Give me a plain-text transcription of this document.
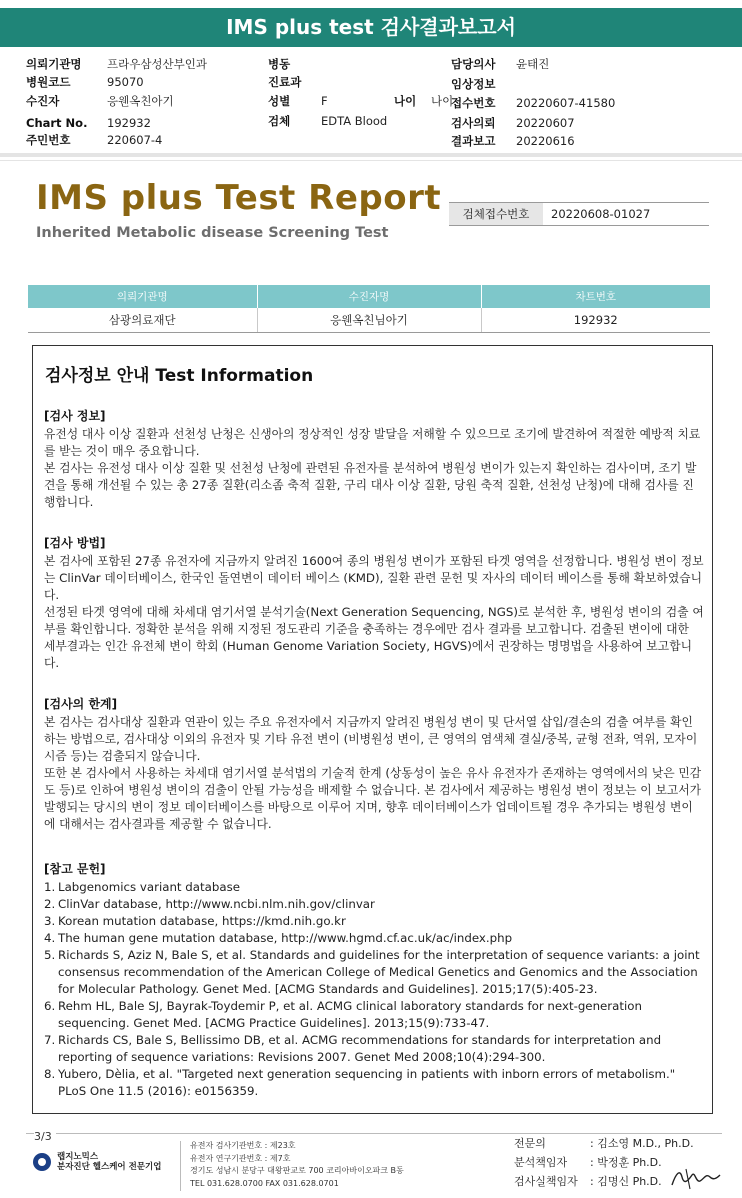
IMS plus test 검사결과보고서
의뢰기관명 프라우삼성산부인과
병원코드	95070
수진자	응웬옥친아기
Chart No. 192932
주민번호	220607-4
병동
진료과
성별	F	나이 나이
검체	EDTA Blood
담당의사 윤태진
임상정보
접수번호 20220607-41580
검사의뢰 20220607
결과보고 20220616
IMS plus Test Report
Inherited Metabolic disease Screening Test
검체접수번호	20220608-01027
의뢰기관명	수진자명	차트번호
삼광의료재단	응웬옥친님아기	192932
검사정보 안내 Test Information
[검사 정보]

유전성 대사 이상 질환과 선천성 난청은 신생아의 정상적인 성장 발달을 저해할 수 있으므로 조기에 발견하여 적절한 예방적 치료를 받는 것이 매우 중요합니다.

본 검사는 유전성 대사 이상 질환 및 선천성 난청에 관련된 유전자를 분석하여 병원성 변이가 있는지 확인하는 검사이며, 조기 발견을 통해 개선될 수 있는 총 27종 질환(리소좀 축적 질환, 구리 대사 이상 질환, 당원 축적 질환, 선천성 난청)에 대해 검사를 진행합니다.

[검사 방법]

본 검사에 포함된 27종 유전자에 지금까지 알려진 1600여 종의 병원성 변이가 포함된 타겟 영역을 선정합니다. 병원성 변이 정보는 ClinVar 데이터베이스, 한국인 돌연변이 데이터 베이스 (KMD), 질환 관련 문헌 및 자사의 데이터 베이스를 통해 확보하였습니다.

선정된 타겟 영역에 대해 차세대 염기서열 분석기술(Next Generation Sequencing, NGS)로 분석한 후, 병원성 변이의 검출 여부를 확인합니다. 정확한 분석을 위해 지정된 정도관리 기준을 충족하는 경우에만 검사 결과를 보고합니다. 검출된 변이에 대한 세부결과는 인간 유전체 변이 학회 (Human Genome Variation Society, HGVS)에서 권장하는 명명법을 사용하여 보고합니다.

[검사의 한계]

본 검사는 검사대상 질환과 연관이 있는 주요 유전자에서 지금까지 알려진 병원성 변이 및 단서열 삽입/결손의 검출 여부를 확인하는 방법으로, 검사대상 이외의 유전자 및 기타 유전 변이 (비병원성 변이, 큰 영역의 염색체 결실/중복, 균형 전좌, 역위, 모자이시즘 등)는 검출되지 않습니다.

또한 본 검사에서 사용하는 차세대 염기서열 분석법의 기술적 한계 (상동성이 높은 유사 유전자가 존재하는 영역에서의 낮은 민감도 등)로 인하여 병원성 변이의 검출이 안될 가능성을 배제할 수 없습니다. 본 검사에서 제공하는 병원성 변이 정보는 이 보고서가 발행되는 당시의 변이 정보 데이터베이스를 바탕으로 이루어 지며, 향후 데이터베이스가 업데이트될 경우 추가되는 병원성 변이에 대해서는 검사결과를 제공할 수 없습니다.

[참고 문헌]
1. Labgenomics variant database
2. ClinVar database, http://www.ncbi.nlm.nih.gov/clinvar
3. Korean mutation database, https://kmd.nih.go.kr
4. The human gene mutation database, http://www.hgmd.cf.ac.uk/ac/index.php
5. Richards S, Aziz N, Bale S, et al. Standards and guidelines for the interpretation of sequence variants: a joint consensus recommendation of the American College of Medical Genetics and Genomics and the Association for Molecular Pathology. Genet Med. [ACMG Standards and Guidelines]. 2015;17(5):405-23.
6. Rehm HL, Bale SJ, Bayrak-Toydemir P, et al. ACMG clinical laboratory standards for next-generation sequencing. Genet Med. [ACMG Practice Guidelines]. 2013;15(9):733-47.
7. Richards CS, Bale S, Bellissimo DB, et al. ACMG recommendations for standards for interpretation and reporting of sequence variations: Revisions 2007. Genet Med 2008;10(4):294-300.
8. Yubero, Dèlia, et al. "Targeted next generation sequencing in patients with inborn errors of metabolism." PLoS One 11.5 (2016): e0156359.
3/3
랩지노믹스
분자진단 헬스케어 전문기업
유전자 검사기관번호 : 제23호
유전자 연구기관번호 : 제7호
경기도 성남시 분당구 대왕판교로 700 코리아바이오파크 B동
TEL 031.628.0700 FAX 031.628.0701
전문의	: 김소영 M.D., Ph.D.
분석책임자	: 박정훈 Ph.D.
검사실책임자	: 김명신 Ph.D.
